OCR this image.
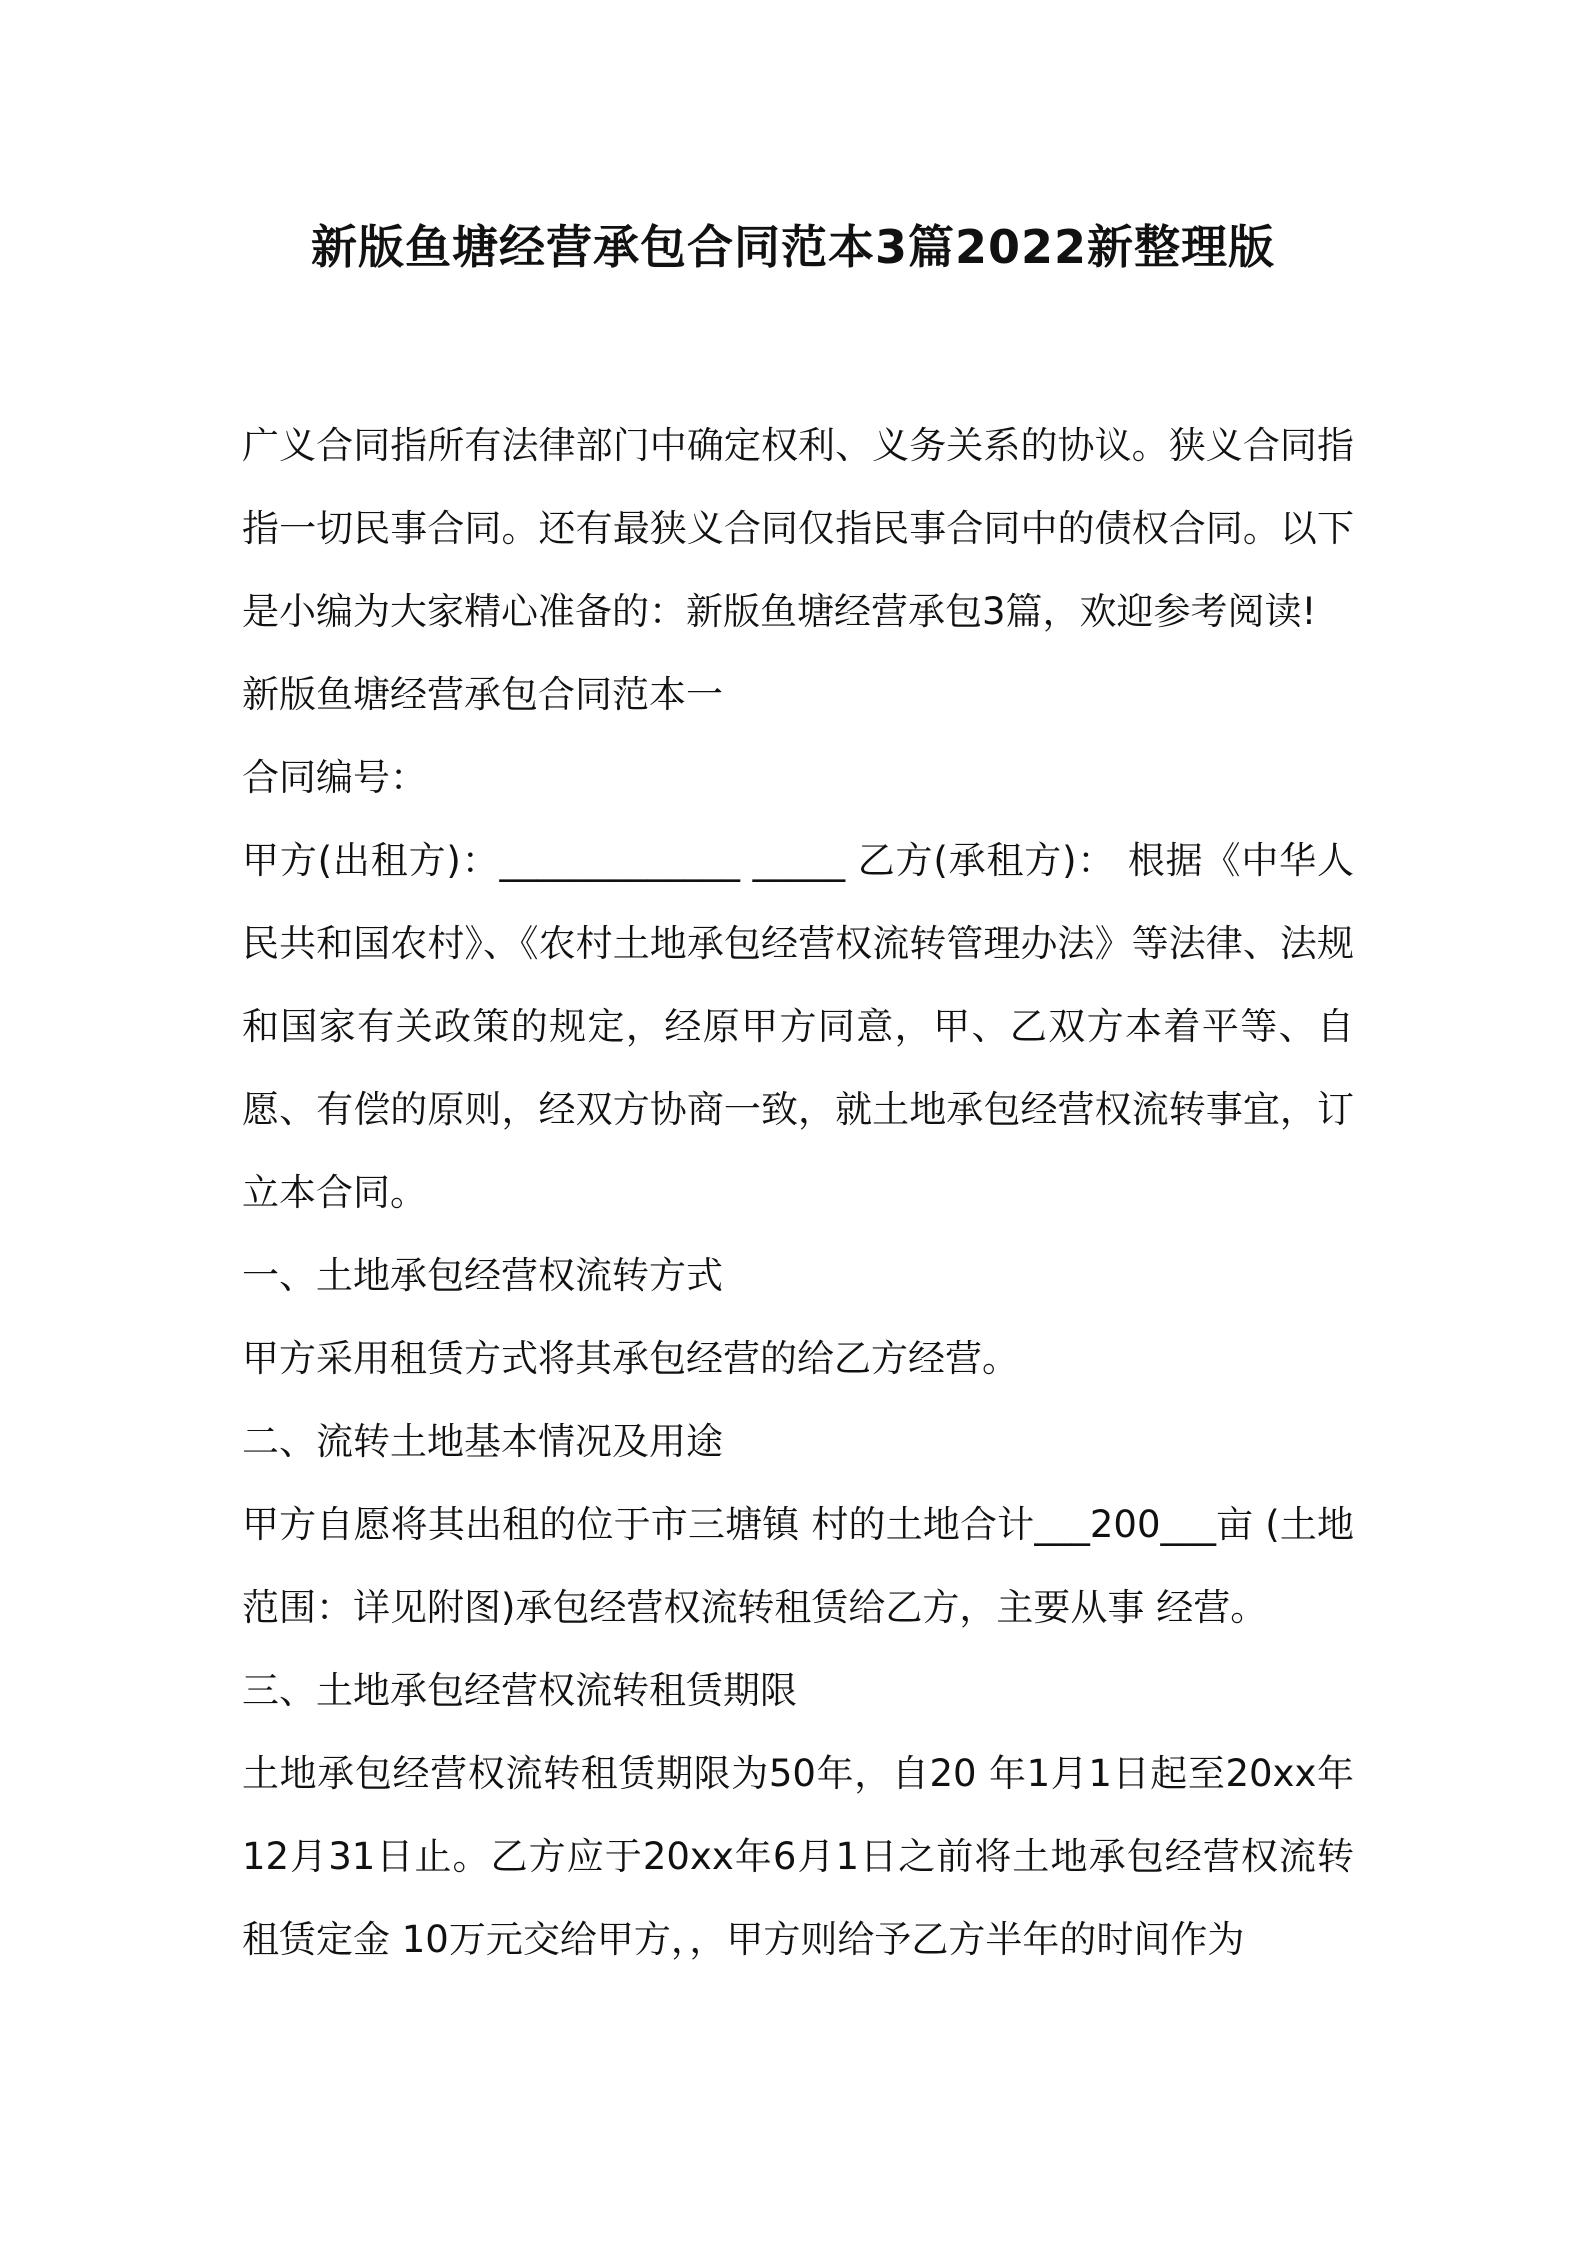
新版鱼塘经营承包合同范本3篇2022新整理版

广义合同指所有法律部门中确定权利、义务关系的协议。狭义合同指指一切民事合同。还有最狭义合同仅指民事合同中的债权合同。以下是小编为大家精心准备的：新版鱼塘经营承包3篇，欢迎参考阅读!

新版鱼塘经营承包合同范本一

合同编号：

甲方(出租方)：_____________ _____ 乙方(承租方)： 根据《中华人民共和国农村》、《农村土地承包经营权流转管理办法》等法律、法规和国家有关政策的规定，经原甲方同意，甲、乙双方本着平等、自愿、有偿的原则，经双方协商一致，就土地承包经营权流转事宜，订立本合同。

一、土地承包经营权流转方式

甲方采用租赁方式将其承包经营的给乙方经营。

二、流转土地基本情况及用途

甲方自愿将其出租的位于市三塘镇 村的土地合计___200___亩 (土地范围：详见附图)承包经营权流转租赁给乙方，主要从事 经营。

三、土地承包经营权流转租赁期限

土地承包经营权流转租赁期限为50年，自20 年1月1日起至20xx年12月31日止。乙方应于20xx年6月1日之前将土地承包经营权流转租赁定金 10万元交给甲方，，甲方则给予乙方半年的时间作为
